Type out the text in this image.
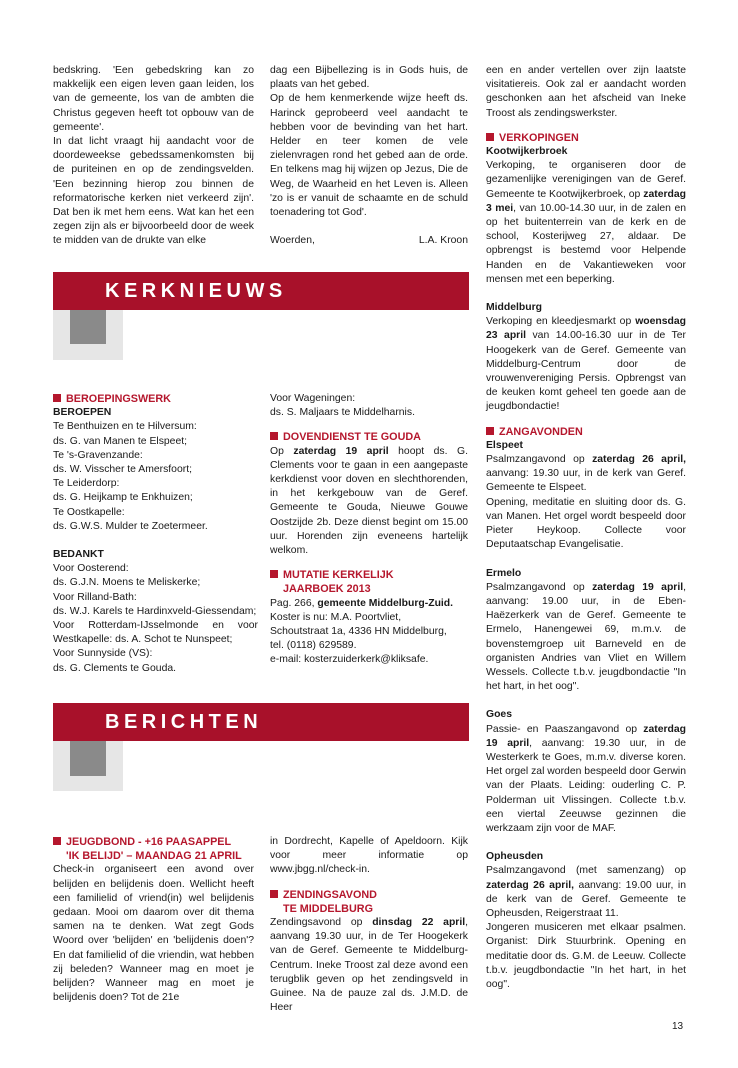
bedskring. 'Een gebedskring kan zo makkelijk een eigen leven gaan leiden, los van de gemeente, los van de ambten die Christus gegeven heeft tot opbouw van de gemeente'.

In dat licht vraagt hij aandacht voor de doordeweekse gebedssamenkomsten bij de puriteinen en op de zendingsvelden. 'Een bezinning hierop zou binnen de reformatorische kerken niet verkeerd zijn'. Dat ben ik met hem eens. Wat kan het een zegen zijn als er bijvoorbeeld door de week te midden van de drukte van elke

dag een Bijbellezing is in Gods huis, de plaats van het gebed.

Op de hem kenmerkende wijze heeft ds. Harinck geprobeerd veel aandacht te hebben voor de bevinding van het hart. Helder en teer komen de vele zielenvragen rond het gebed aan de orde. En telkens mag hij wijzen op Jezus, Die de Weg, de Waarheid en het Leven is. Alleen 'zo is er vanuit de schaamte en de schuld toenadering tot God'.

Woerden,	L.A. Kroon
KERKNIEUWS

BEROEPINGSWERK

BEROEPEN

Te Benthuizen en te Hilversum:

ds. G. van Manen te Elspeet;

Te 's-Gravenzande:

ds. W. Visscher te Amersfoort;

Te Leiderdorp:

ds. G. Heijkamp te Enkhuizen;

Te Oostkapelle:

ds. G.W.S. Mulder te Zoetermeer.

BEDANKT

Voor Oosterend:

ds. G.J.N. Moens te Meliskerke;

Voor Rilland-Bath:

ds. W.J. Karels te Hardinxveld-Giessendam;

Voor Rotterdam-IJsselmonde en voor Westkapelle: ds. A. Schot te Nunspeet;

Voor Sunnyside (VS):

ds. G. Clements te Gouda.

Voor Wageningen:

ds. S. Maljaars te Middelharnis.

DOVENDIENST TE GOUDA

Op zaterdag 19 april hoopt ds. G. Clements voor te gaan in een aangepaste kerkdienst voor doven en slechthorenden, in het kerkgebouw van de Geref. Gemeente te Gouda, Nieuwe Gouwe Oostzijde 2b. Deze dienst begint om 15.00 uur. Horenden zijn eveneens hartelijk welkom.

MUTATIE KERKELIJK
JAARBOEK 2013

Pag. 266, gemeente Middelburg-Zuid.

Koster is nu: M.A. Poortvliet,

Schoutstraat 1a, 4336 HN Middelburg,

tel. (0118) 629589.

e-mail: kosterzuiderkerk@kliksafe.

BERICHTEN

JEUGDBOND - +16 PAASAPPEL
'IK BELIJD' – MAANDAG 21 APRIL

Check-in organiseert een avond over belijden en belijdenis doen. Wellicht heeft een familielid of vriend(in) wel belijdenis gedaan. Mooi om daarom over dit thema samen na te denken. Wat zegt Gods Woord over 'belijden' en 'belijdenis doen'? En dat familielid of die vriendin, wat hebben zij beleden? Wanneer mag en moet je belijden? Wanneer mag en moet je belijdenis doen? Tot de 21e

in Dordrecht, Kapelle of Apeldoorn. Kijk voor meer informatie op www.jbgg.nl/check-in.

ZENDINGSAVOND
TE MIDDELBURG

Zendingsavond op dinsdag 22 april, aanvang 19.30 uur, in de Ter Hoogekerk van de Geref. Gemeente te Middelburg-Centrum. Ineke Troost zal deze avond een terugblik geven op het zendingsveld in Guinee. Na de pauze zal ds. J.M.D. de Heer

een en ander vertellen over zijn laatste visitatiereis. Ook zal er aandacht worden geschonken aan het afscheid van Ineke Troost als zendingswerkster.

VERKOPINGEN

Kootwijkerbroek

Verkoping, te organiseren door de gezamenlijke verenigingen van de Geref. Gemeente te Kootwijkerbroek, op zaterdag 3 mei, van 10.00-14.30 uur, in de zalen en op het buitenterrein van de kerk en de school, Kosterijweg 27, aldaar. De opbrengst is bestemd voor Helpende Handen en de Vakantieweken voor mensen met een beperking.

Middelburg

Verkoping en kleedjesmarkt op woensdag 23 april van 14.00-16.30 uur in de Ter Hoogekerk van de Geref. Gemeente van Middelburg-Centrum door de vrouwenvereniging Persis. Opbrengst van de keuken komt geheel ten goede aan de jeugdbondactie!

ZANGAVONDEN

Elspeet

Psalmzangavond op zaterdag 26 april, aanvang: 19.30 uur, in de kerk van Geref. Gemeente te Elspeet.

Opening, meditatie en sluiting door ds. G. van Manen. Het orgel wordt bespeeld door Pieter Heykoop. Collecte voor Deputaatschap Evangelisatie.

Ermelo

Psalmzangavond op zaterdag 19 april, aanvang: 19.00 uur, in de Eben-Haëzerkerk van de Geref. Gemeente te Ermelo, Hanengewei 69, m.m.v. de bovenstemgroep uit Barneveld en de organisten Andries van Vliet en Willem Wessels. Collecte t.b.v. jeugdbondactie "In het hart, in het oog".

Goes

Passie- en Paaszangavond op zaterdag 19 april, aanvang: 19.30 uur, in de Westerkerk te Goes, m.m.v. diverse koren. Het orgel zal worden bespeeld door Gerwin van der Plaats. Leiding: ouderling C. P. Polderman uit Vlissingen. Collecte t.b.v. een viertal Zeeuwse gezinnen die werkzaam zijn voor de MAF.

Opheusden

Psalmzangavond (met samenzang) op zaterdag 26 april, aanvang: 19.00 uur, in de kerk van de Geref. Gemeente te Opheusden, Reigerstraat 11.

Jongeren musiceren met elkaar psalmen. Organist: Dirk Stuurbrink. Opening en meditatie door ds. G.M. de Leeuw. Collecte t.b.v. jeugdbondactie "In het hart, in het oog".

13
